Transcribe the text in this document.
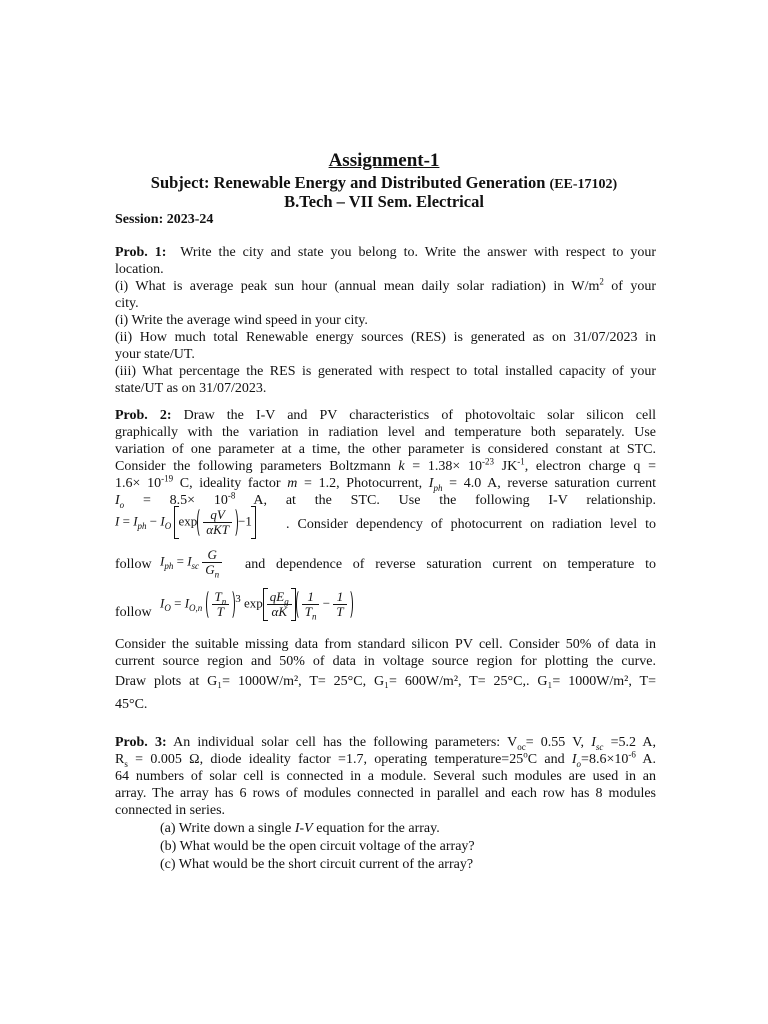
Assignment-1
Subject: Renewable Energy and Distributed Generation (EE-17102)
B.Tech – VII Sem. Electrical
Session: 2023-24
Prob. 1: Write the city and state you belong to. Write the answer with respect to your
location.
(i) What is average peak sun hour (annual mean daily solar radiation) in $W/m^2$ of your
city.
(i) Write the average wind speed in your city.
(ii) How much total Renewable energy sources (RES) is generated as on 31/07/2023 in
your state/UT.
(iii) What percentage the RES is generated with respect to total installed capacity of your
state/UT as on 31/07/2023.
Prob. 2: Draw the I-V and PV characteristics of photovoltaic solar silicon cell
graphically with the variation in radiation level and temperature both separately. Use
variation of one parameter at a time, the other parameter is considered constant at STC.
Consider the following parameters Boltzmann $k = 1.38\times 10^{-23}$ $JK^{-1}$, electron charge q =
$1.6\times 10^{-19}$ C, ideality factor m = 1.2, Photocurrent, $I_{ph} = 4.0$ A, reverse saturation current
$I_o = 8.5\times 10^{-8}$ A, at the STC. Use the following I-V relationship.
$I = I_{ph} - I_O$ $\exp \frac{qV}{\text{αKT}} -1$ . Consider dependency of photocurrent on radiation level to
follow $I_{ph} = I_{sc} \frac{G}{G_n}$ and dependence of reverse saturation current on temperature to
follow
$I_O = I_{O,n} \frac{T_n}{T} ^3$ $\exp \frac{qE_g}{\alpha K} \frac{1}{T_n} - \frac{1}{T}$
Consider the suitable missing data from standard silicon PV cell. Consider 50% of data in
current source region and 50% of data in voltage source region for plotting the curve.
Draw plots at G₁= 1000W/m², T= 25°C, G₁= 600W/m², T= 25°C,. G₁= 1000W/m², T=
45°C.
Prob. 3: An individual solar cell has the following parameters: $V_{oc}= 0.55$ V, $I_{sc} =5.2$ A,
$R_s = 0.005$ Ω, diode ideality factor =1.7, operating $temperature=25^oC$ and $I_o=8.6\times 10^{-6}$ A.
64 numbers of solar cell is connected in a module. Several such modules are used in an
array. The array has 6 rows of modules connected in parallel and each row has 8 modules
connected in series.
(a) Write down a single I-V equation for the array.
(b) What would be the open circuit voltage of the array?
(c) What would be the short circuit current of the array?
